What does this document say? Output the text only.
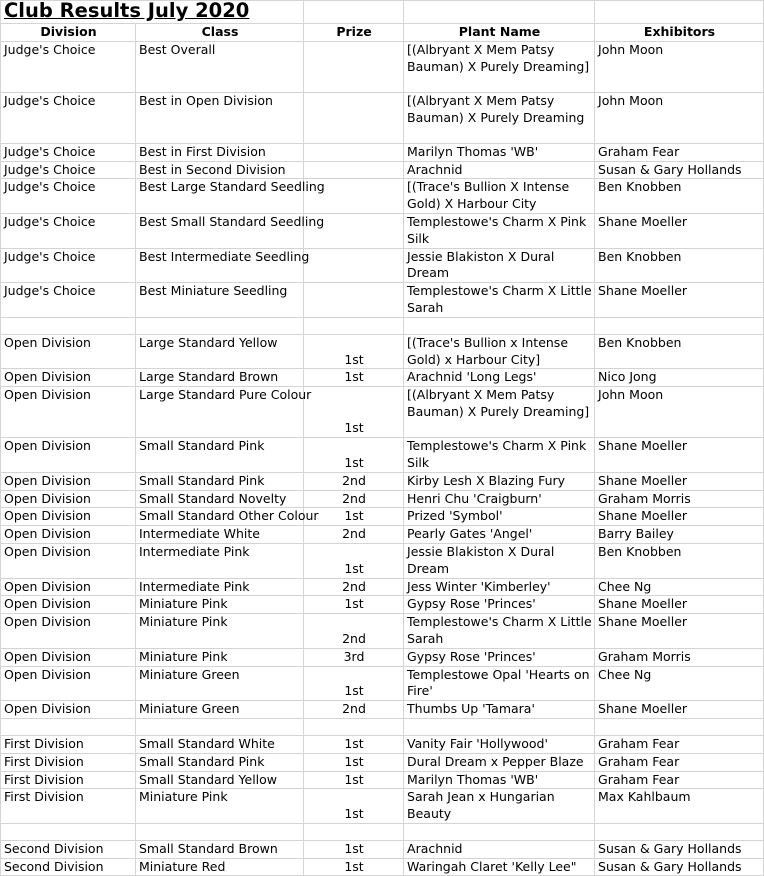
Club Results July 2020				
Division	Class	Prize	Plant Name	Exhibitors
Judge's Choice	Best Overall		[(Albryant X Mem Patsy Bauman) X Purely Dreaming]	John Moon
Judge's Choice	Best in Open Division		[(Albryant X Mem Patsy Bauman) X Purely Dreaming	John Moon
Judge's Choice	Best in First Division		Marilyn Thomas 'WB'	Graham Fear
Judge's Choice	Best in Second Division		Arachnid	Susan & Gary Hollands
Judge's Choice	Best Large Standard Seedling		[(Trace's Bullion X Intense Gold) X Harbour City	Ben Knobben
Judge's Choice	Best Small Standard Seedling		Templestowe's Charm X Pink Silk	Shane Moeller
Judge's Choice	Best Intermediate Seedling		Jessie Blakiston X Dural Dream	Ben Knobben
Judge's Choice	Best Miniature Seedling		Templestowe's Charm X Little Sarah	Shane Moeller

Open Division	Large Standard Yellow	1st	[(Trace's Bullion x Intense Gold) x Harbour City]	Ben Knobben
Open Division	Large Standard Brown	1st	Arachnid 'Long Legs'	Nico Jong
Open Division	Large Standard Pure Colour	1st	[(Albryant X Mem Patsy Bauman) X Purely Dreaming]	John Moon
Open Division	Small Standard Pink	1st	Templestowe's Charm X Pink Silk	Shane Moeller
Open Division	Small Standard Pink	2nd	Kirby Lesh X Blazing Fury	Shane Moeller
Open Division	Small Standard Novelty	2nd	Henri Chu 'Craigburn'	Graham Morris
Open Division	Small Standard Other Colour	1st	Prized 'Symbol'	Shane Moeller
Open Division	Intermediate White	2nd	Pearly Gates 'Angel'	Barry Bailey
Open Division	Intermediate Pink	1st	Jessie Blakiston X Dural Dream	Ben Knobben
Open Division	Intermediate Pink	2nd	Jess Winter 'Kimberley'	Chee Ng
Open Division	Miniature Pink	1st	Gypsy Rose 'Princes'	Shane Moeller
Open Division	Miniature Pink	2nd	Templestowe's Charm X Little Sarah	Shane Moeller
Open Division	Miniature Pink	3rd	Gypsy Rose 'Princes'	Graham Morris
Open Division	Miniature Green	1st	Templestowe Opal 'Hearts on Fire'	Chee Ng
Open Division	Miniature Green	2nd	Thumbs Up 'Tamara'	Shane Moeller

First Division	Small Standard White	1st	Vanity Fair 'Hollywood'	Graham Fear
First Division	Small Standard Pink	1st	Dural Dream x Pepper Blaze	Graham Fear
First Division	Small Standard Yellow	1st	Marilyn Thomas 'WB'	Graham Fear
First Division	Miniature Pink	1st	Sarah Jean x Hungarian Beauty	Max Kahlbaum

Second Division	Small Standard Brown	1st	Arachnid	Susan & Gary Hollands
Second Division	Miniature Red	1st	Waringah Claret 'Kelly Lee"	Susan & Gary Hollands
